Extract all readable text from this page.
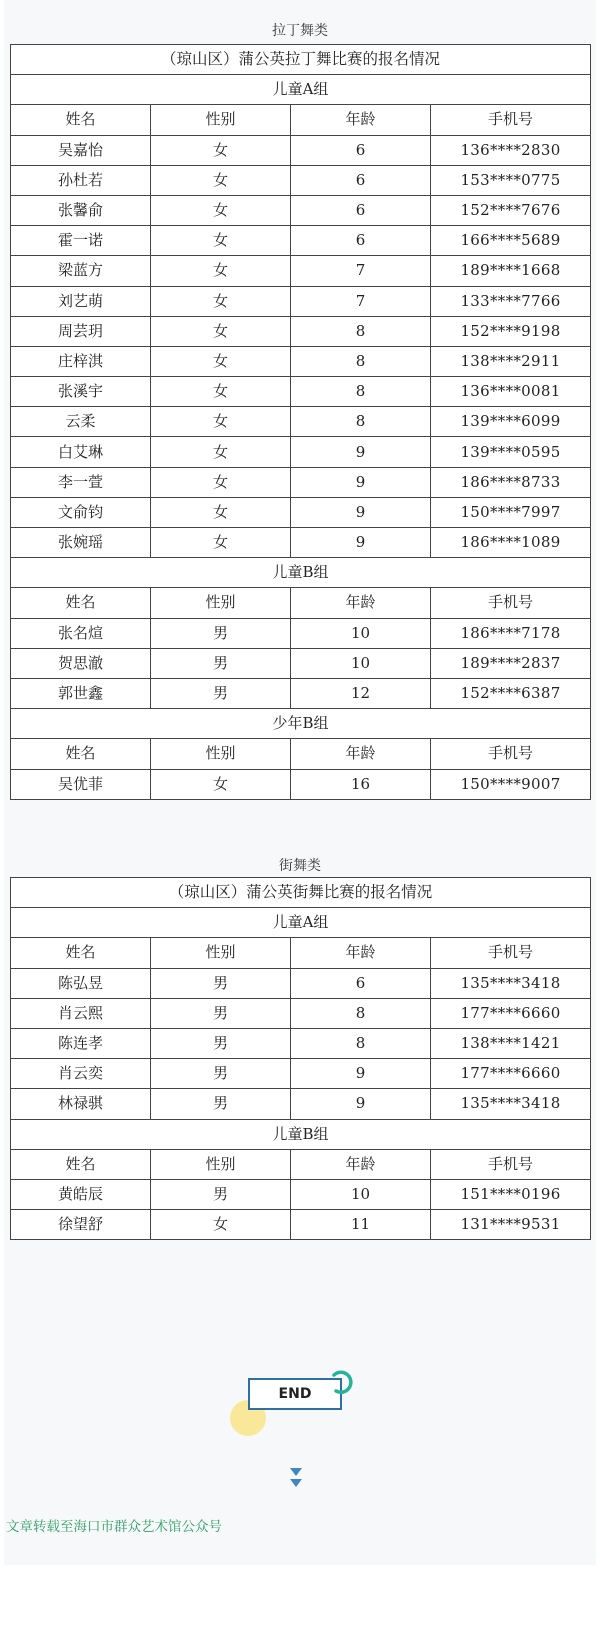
拉丁舞类
（琼山区）蒲公英拉丁舞比赛的报名情况			
儿童A组			
姓名	性别	年龄	手机号
吴嘉怡	女	6	136****2830
孙杜若	女	6	153****0775
张馨俞	女	6	152****7676
霍一诺	女	6	166****5689
梁蓝方	女	7	189****1668
刘艺萌	女	7	133****7766
周芸玥	女	8	152****9198
庄梓淇	女	8	138****2911
张溪宇	女	8	136****0081
云柔	女	8	139****6099
白艾琳	女	9	139****0595
李一萱	女	9	186****8733
文俞钧	女	9	150****7997
张婉瑶	女	9	186****1089
儿童B组			
姓名	性别	年龄	手机号
张名煊	男	10	186****7178
贺思澈	男	10	189****2837
郭世鑫	男	12	152****6387
少年B组			
姓名	性别	年龄	手机号
吴优菲	女	16	150****9007
街舞类
（琼山区）蒲公英街舞比赛的报名情况			
儿童A组			
姓名	性别	年龄	手机号
陈弘昱	男	6	135****3418
肖云熙	男	8	177****6660
陈连孝	男	8	138****1421
肖云奕	男	9	177****6660
林禄骐	男	9	135****3418
儿童B组			
姓名	性别	年龄	手机号
黄皓辰	男	10	151****0196
徐望舒	女	11	131****9531
END
文章转载至海口市群众艺术馆公众号
